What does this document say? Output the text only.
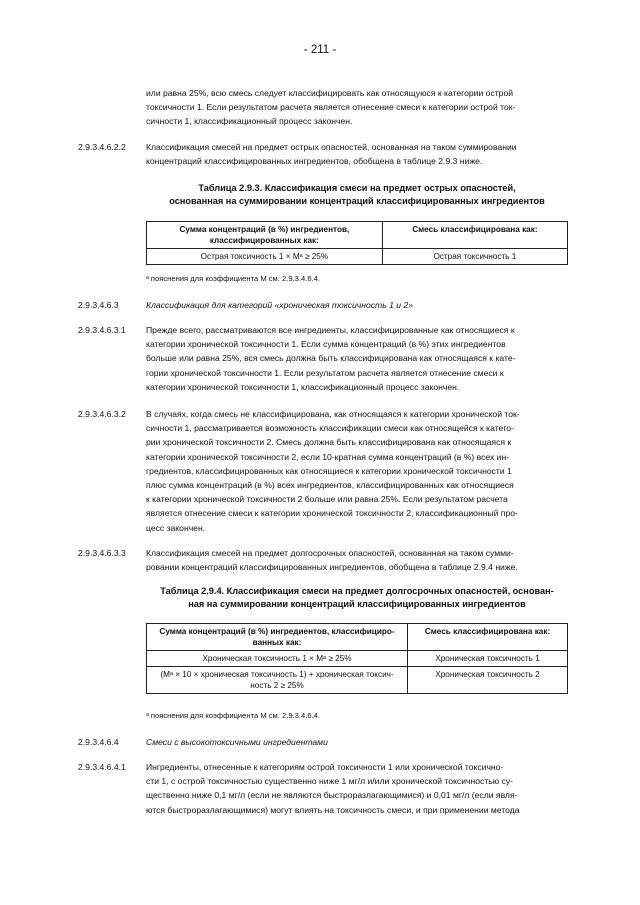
- 211 -
или равна 25%, всю смесь следует классифицировать как относящуюся к категории острой
токсичности 1. Если результатом расчета является отнесение смеси к категории острой ток-
сичности 1, классификационный процесс закончен.
2.9.3.4.6.2.2	Классификация смесей на предмет острых опасностей, основанная на таком суммировании
концентраций классифицированных ингредиентов, обобщена в таблице 2.9.3 ниже.
Таблица 2.9.3. Классификация смеси на предмет острых опасностей,
основанная на суммировании концентраций классифицированных ингредиентов
Сумма концентраций (в %) ингредиентов, классифицированных как:	Смесь классифицирована как:
Острая токсичность 1 × Mᵃ ≥ 25%	Острая токсичность 1
ᵃ пояснения для коэффициента M см. 2.9.3.4.6.4.
2.9.3.4.6.3	Классификация для категорий «хроническая токсичность 1 и 2»
2.9.3.4.6.3.1	Прежде всего, рассматриваются все ингредиенты, классифицированные как относящиеся к
категории хронической токсичности 1. Если сумма концентраций (в %) этих ингредиентов
больше или равна 25%, вся смесь должна быть классифицирована как относящаяся к кате-
гории хронической токсичности 1. Если результатом расчета является отнесение смеси к
категории хронической токсичности 1, классификационный процесс закончен.
2.9.3.4.6.3.2	В случаях, когда смесь не классифицирована, как относящаяся к категории хронической ток-
сичности 1, рассматривается возможность классификации смеси как относящейся к катего-
рии хронической токсичности 2. Смесь должна быть классифицирована как относящаяся к
категории хронической токсичности 2, если 10-кратная сумма концентраций (в %) всех ин-
гредиентов, классифицированных как относящиеся к категории хронической токсичности 1
плюс сумма концентраций (в %) всех ингредиентов, классифицированных как относящиеся
к категории хронической токсичности 2 больше или равна 25%. Если результатом расчета
является отнесение смеси к категории хронической токсичности 2, классификационный про-
цесс закончен.
2.9.3.4.6.3.3	Классификация смесей на предмет долгосрочных опасностей, основанная на таком сумми-
ровании концентраций классифицированных ингредиентов, обобщена в таблице 2.9.4 ниже.
Таблица 2.9.4. Классификация смеси на предмет долгосрочных опасностей, основан-
ная на суммировании концентраций классифицированных ингредиентов
Сумма концентраций (в %) ингредиентов, классифициро-ванных как:	Смесь классифицирована как:
Хроническая токсичность 1 × Mᵃ ≥ 25%	Хроническая токсичность 1
(Mᵃ × 10 × хроническая токсичность 1) + хроническая токсич-ность 2 ≥ 25%	Хроническая токсичность 2
ᵃ пояснения для коэффициента M см. 2.9.3.4.6.4.
2.9.3.4.6.4	Смеси с высокотоксичными ингредиентами
2.9.3.4.6.4.1	Ингредиенты, отнесенные к категориям острой токсичности 1 или хронической токсично-
сти 1, с острой токсичностью существенно ниже 1 мг/л и/или хронической токсичностью су-
щественно ниже 0,1 мг/л (если не являются быстроразлагающимися) и 0,01 мг/л (если явля-
ются быстроразлагающимися) могут влиять на токсичность смеси, и при применении метода
